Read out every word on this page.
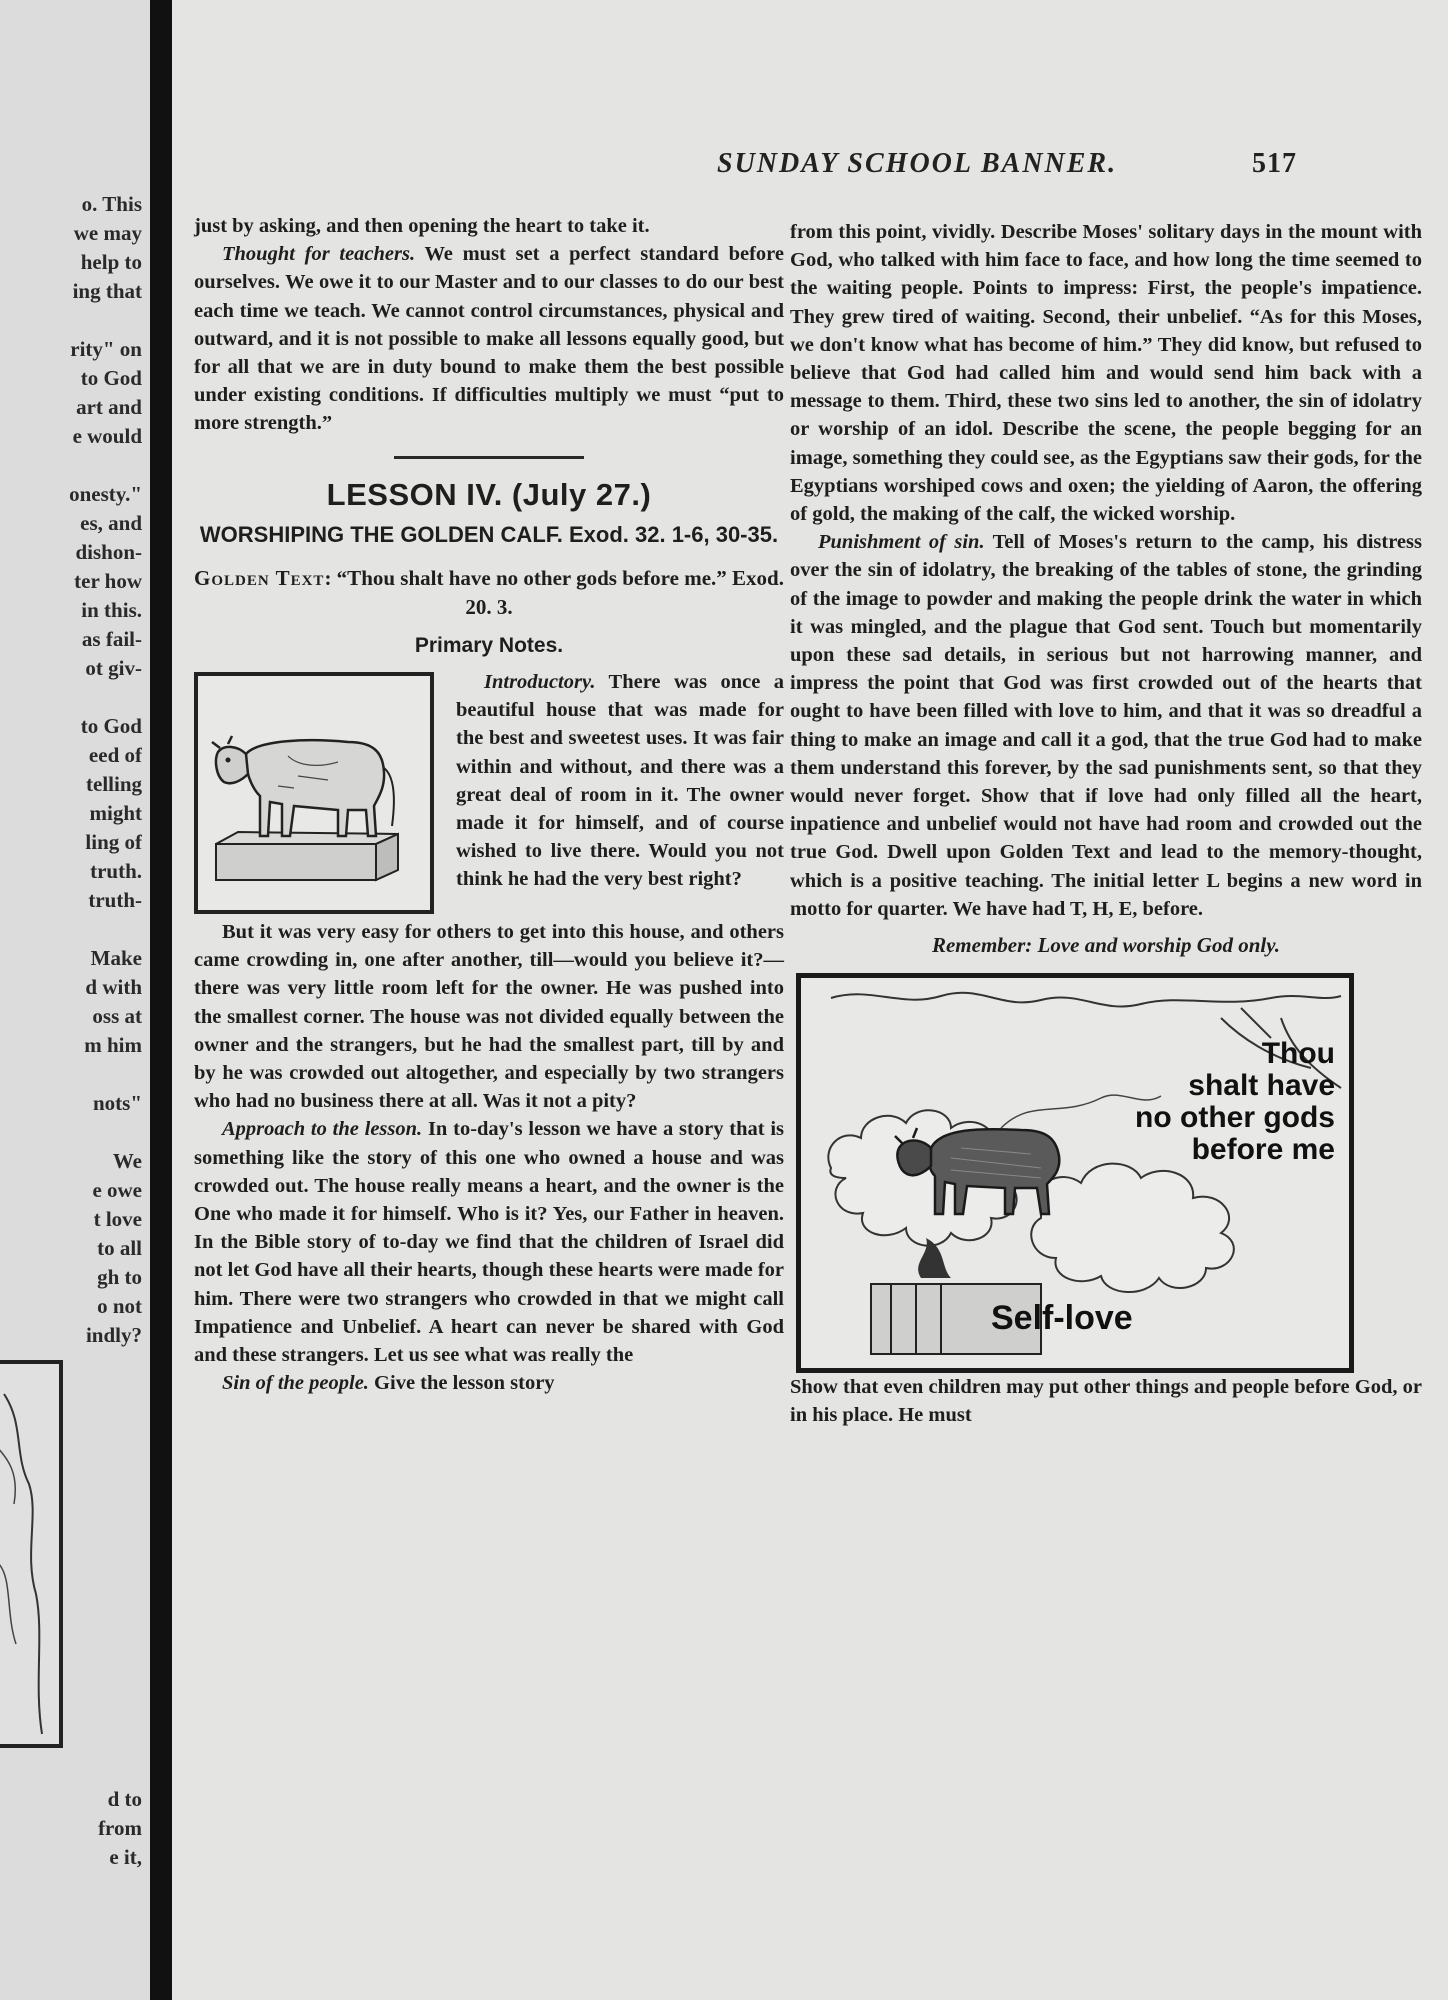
o. This
we may
help to
ing that
rity" on
to God
art and
e would
onesty."
es, and
dishon-
ter how
in this.
as fail-
ot giv-
to God
eed of
telling
might
ling of
truth.
truth-
Make
d with
oss at
m him
nots"
We
e owe
t love
to all
gh to
o not
indly?
d to
from
e it,
SUNDAY SCHOOL BANNER.	517

just by asking, and then opening the heart to take it.

Thought for teachers. We must set a perfect standard before ourselves. We owe it to our Master and to our classes to do our best each time we teach. We cannot control circumstances, physical and outward, and it is not possible to make all lessons equally good, but for all that we are in duty bound to make them the best possible under existing conditions. If difficulties multiply we must “put to more strength.”

LESSON IV. (July 27.)
WORSHIPING THE GOLDEN CALF. Exod. 32. 1-6, 30-35.
Golden Text: “Thou shalt have no other gods before me.” Exod. 20. 3.
Primary Notes.

Introductory. There was once a beautiful house that was made for the best and sweetest uses. It was fair within and without, and there was a great deal of room in it. The owner made it for himself, and of course wished to live there. Would you not think he had the very best right?

But it was very easy for others to get into this house, and others came crowding in, one after another, till—would you believe it?—there was very little room left for the owner. He was pushed into the smallest corner. The house was not divided equally between the owner and the strangers, but he had the smallest part, till by and by he was crowded out altogether, and especially by two strangers who had no business there at all. Was it not a pity?

Approach to the lesson. In to-day's lesson we have a story that is something like the story of this one who owned a house and was crowded out. The house really means a heart, and the owner is the One who made it for himself. Who is it? Yes, our Father in heaven. In the Bible story of to-day we find that the children of Israel did not let God have all their hearts, though these hearts were made for him. There were two strangers who crowded in that we might call Impatience and Unbelief. A heart can never be shared with God and these strangers. Let us see what was really the

Sin of the people. Give the lesson story

from this point, vividly. Describe Moses' solitary days in the mount with God, who talked with him face to face, and how long the time seemed to the waiting people. Points to impress: First, the people's impatience. They grew tired of waiting. Second, their unbelief. “As for this Moses, we don't know what has become of him.” They did know, but refused to believe that God had called him and would send him back with a message to them. Third, these two sins led to another, the sin of idolatry or worship of an idol. Describe the scene, the people begging for an image, something they could see, as the Egyptians saw their gods, for the Egyptians worshiped cows and oxen; the yielding of Aaron, the offering of gold, the making of the calf, the wicked worship.

Punishment of sin. Tell of Moses's return to the camp, his distress over the sin of idolatry, the breaking of the tables of stone, the grinding of the image to powder and making the people drink the water in which it was mingled, and the plague that God sent. Touch but momentarily upon these sad details, in serious but not harrowing manner, and impress the point that God was first crowded out of the hearts that ought to have been filled with love to him, and that it was so dreadful a thing to make an image and call it a god, that the true God had to make them understand this forever, by the sad punishments sent, so that they would never forget. Show that if love had only filled all the heart, inpatience and unbelief would not have had room and crowded out the true God. Dwell upon Golden Text and lead to the memory-thought, which is a positive teaching. The initial letter L begins a new word in motto for quarter. We have had T, H, E, before.

Remember: Love and worship God only.
Thou
shalt have
no other gods
before me
Self-love

Show that even children may put other things and people before God, or in his place. He must
